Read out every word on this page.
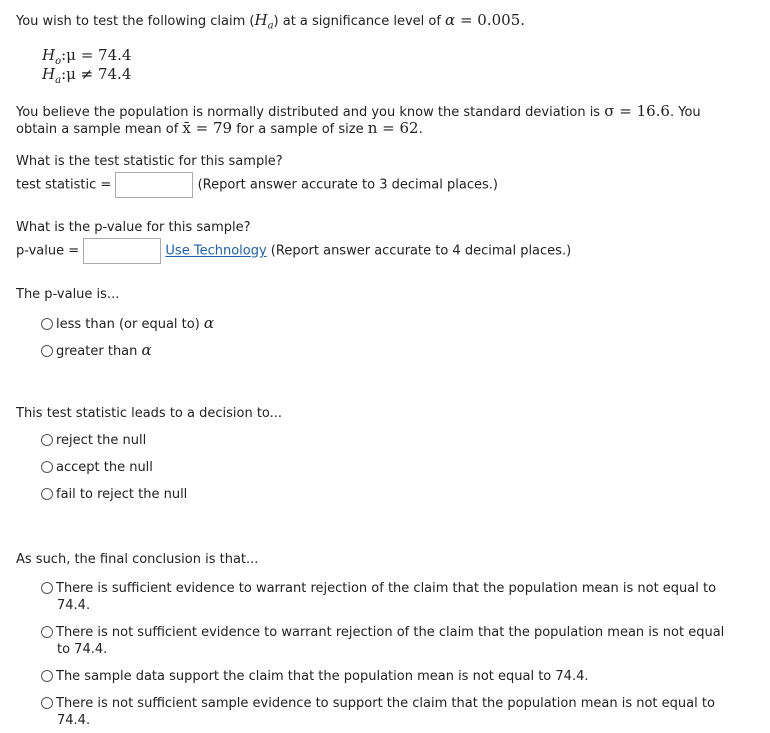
You wish to test the following claim $(H_a)$ at a significance level of α = 0.005.
$H_o:\mu = 74.4$
$H_a:\mu \ne 74.4$
You believe the population is normally distributed and you know the standard deviation is σ = 16.6. You
obtain a sample mean of x̄ = 79 for a sample of size n = 62.
What is the test statistic for this sample?
test statistic =	(Report answer accurate to 3 decimal places.)
What is the p-value for this sample?
p-value =	Use Technology (Report answer accurate to 4 decimal places.)
The p-value is...
less than (or equal to) α
greater than α
This test statistic leads to a decision to...
reject the null
accept the null
fail to reject the null
As such, the final conclusion is that...
There is sufficient evidence to warrant rejection of the claim that the population mean is not equal to 74.4.
There is not sufficient evidence to warrant rejection of the claim that the population mean is not equal to 74.4.
The sample data support the claim that the population mean is not equal to 74.4.
There is not sufficient sample evidence to support the claim that the population mean is not equal to 74.4.
